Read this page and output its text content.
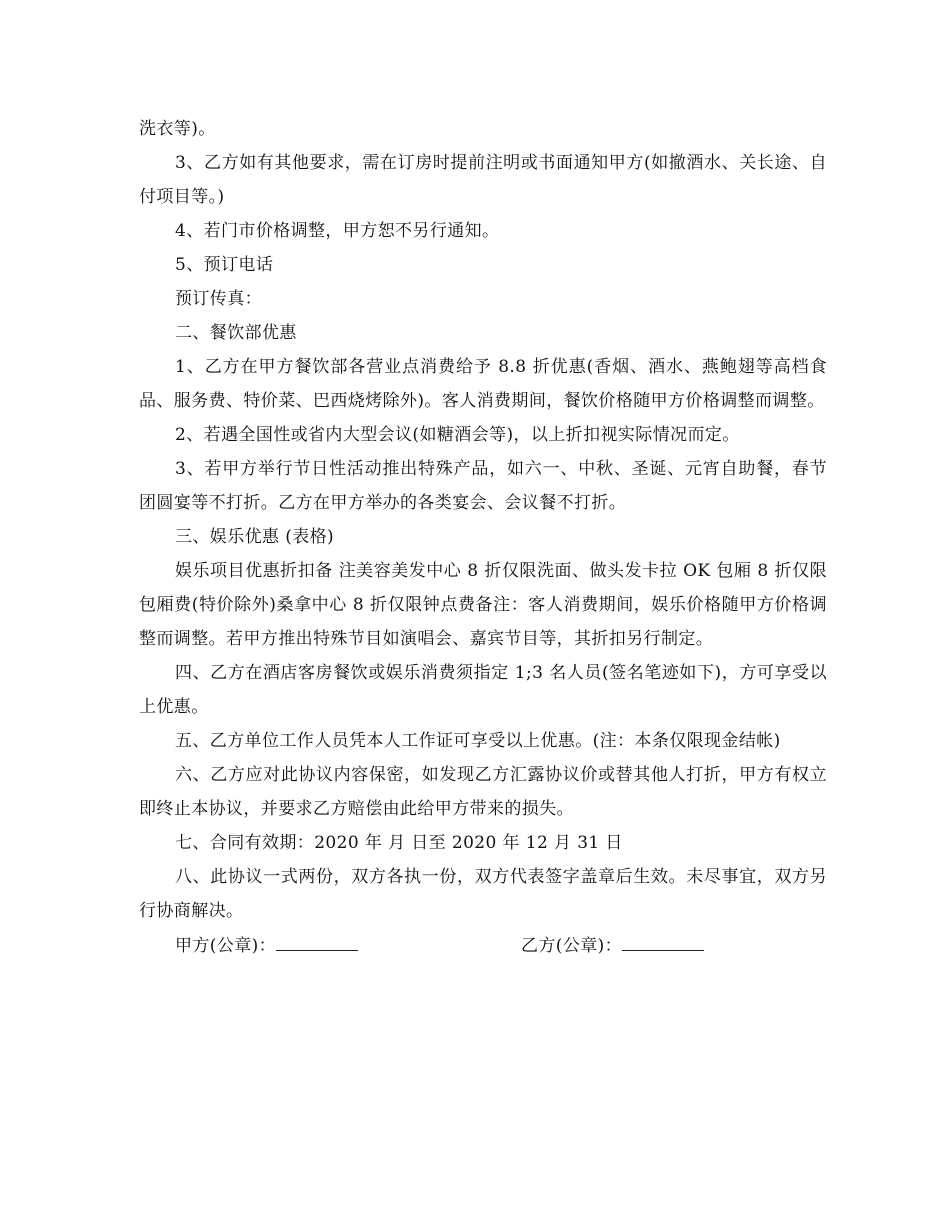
洗衣等)。

3、乙方如有其他要求，需在订房时提前注明或书面通知甲方(如撤酒水、关长途、自付项目等。)

4、若门市价格调整，甲方恕不另行通知。

5、预订电话

预订传真：

二、餐饮部优惠

1、乙方在甲方餐饮部各营业点消费给予 8.8 折优惠(香烟、酒水、燕鲍翅等高档食品、服务费、特价菜、巴西烧烤除外)。客人消费期间，餐饮价格随甲方价格调整而调整。

2、若遇全国性或省内大型会议(如糖酒会等)，以上折扣视实际情况而定。

3、若甲方举行节日性活动推出特殊产品，如六一、中秋、圣诞、元宵自助餐，春节团圆宴等不打折。乙方在甲方举办的各类宴会、会议餐不打折。

三、娱乐优惠 (表格)

娱乐项目优惠折扣备 注美容美发中心 8 折仅限洗面、做头发卡拉 OK 包厢 8 折仅限包厢费(特价除外)桑拿中心 8 折仅限钟点费备注：客人消费期间，娱乐价格随甲方价格调整而调整。若甲方推出特殊节目如演唱会、嘉宾节目等，其折扣另行制定。

四、乙方在酒店客房餐饮或娱乐消费须指定 1;3 名人员(签名笔迹如下)，方可享受以上优惠。

五、乙方单位工作人员凭本人工作证可享受以上优惠。(注：本条仅限现金结帐)

六、乙方应对此协议内容保密，如发现乙方汇露协议价或替其他人打折，甲方有权立即终止本协议，并要求乙方赔偿由此给甲方带来的损失。

七、合同有效期：2020 年 月 日至 2020 年 12 月 31 日

八、此协议一式两份，双方各执一份，双方代表签字盖章后生效。未尽事宜，双方另行协商解决。

甲方(公章)：	乙方(公章)：
